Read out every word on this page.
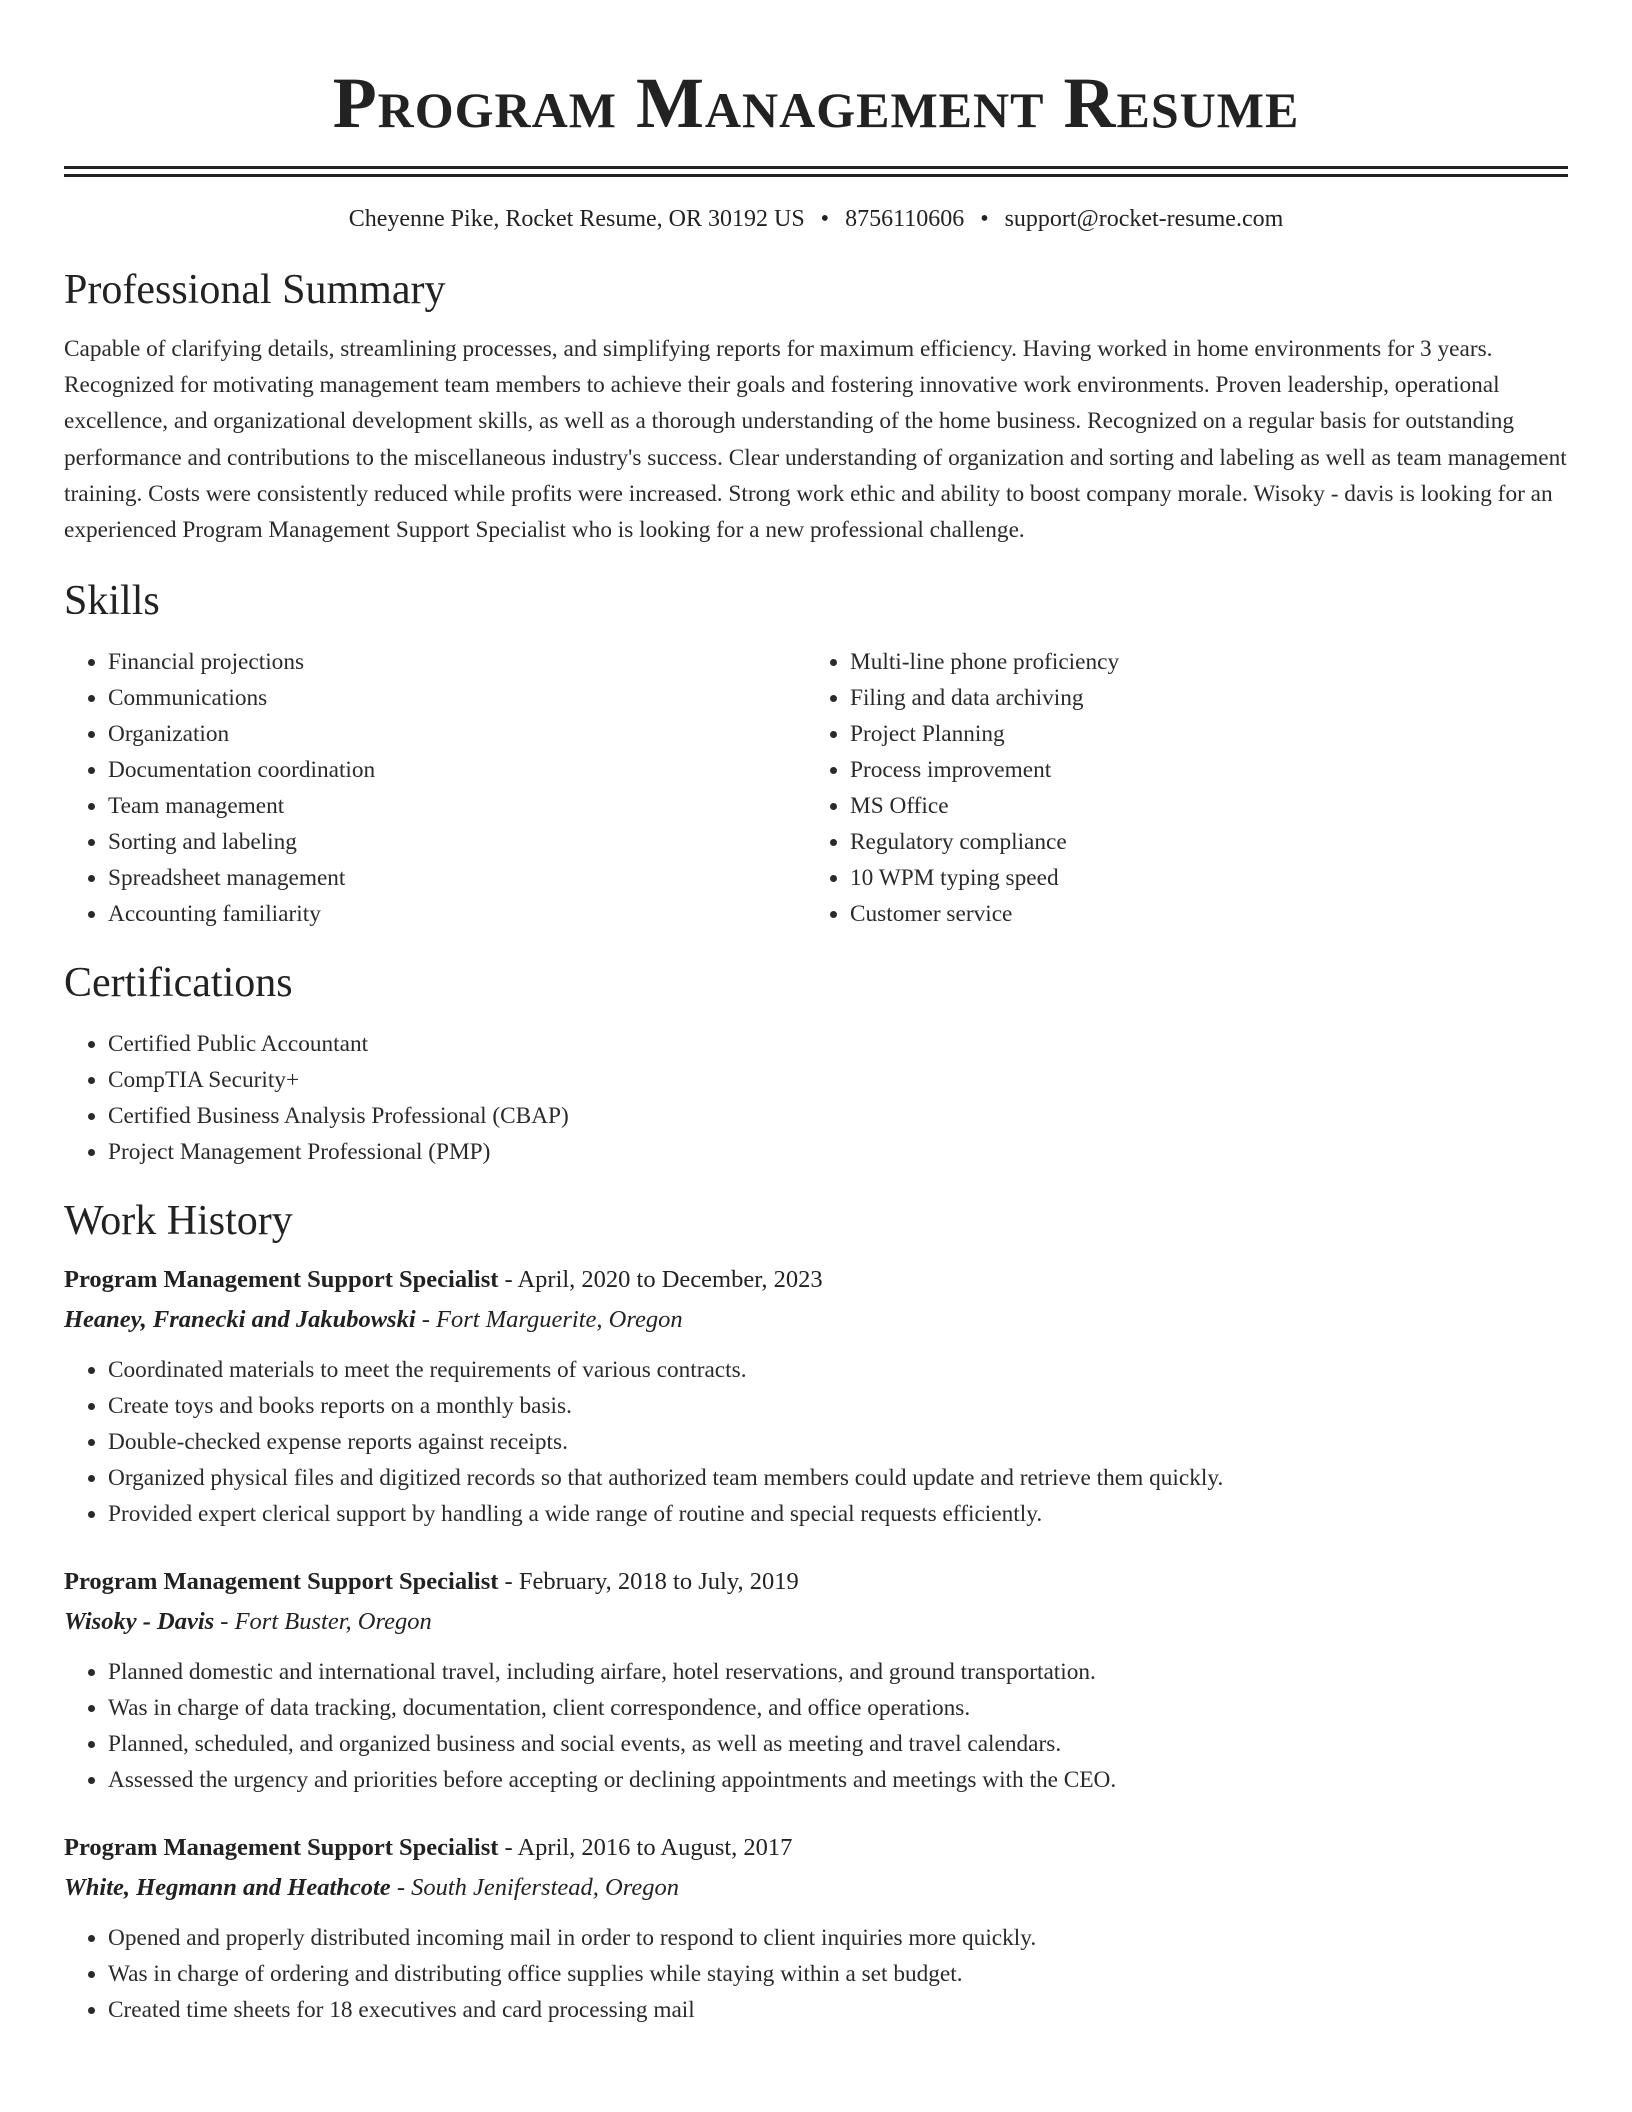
Program Management Resume
Cheyenne Pike, Rocket Resume, OR 30192 US • 8756110606 • support@rocket-resume.com
Professional Summary

Capable of clarifying details, streamlining processes, and simplifying reports for maximum efficiency. Having worked in home environments for 3 years. Recognized for motivating management team members to achieve their goals and fostering innovative work environments. Proven leadership, operational excellence, and organizational development skills, as well as a thorough understanding of the home business. Recognized on a regular basis for outstanding performance and contributions to the miscellaneous industry's success. Clear understanding of organization and sorting and labeling as well as team management training. Costs were consistently reduced while profits were increased. Strong work ethic and ability to boost company morale. Wisoky - davis is looking for an experienced Program Management Support Specialist who is looking for a new professional challenge.

Skills
• Financial projections
• Communications
• Organization
• Documentation coordination
• Team management
• Sorting and labeling
• Spreadsheet management
• Accounting familiarity
• Multi-line phone proficiency
• Filing and data archiving
• Project Planning
• Process improvement
• MS Office
• Regulatory compliance
• 10 WPM typing speed
• Customer service
Certifications
• Certified Public Accountant
• CompTIA Security+
• Certified Business Analysis Professional (CBAP)
• Project Management Professional (PMP)
Work History
Program Management Support Specialist - April, 2020 to December, 2023
Heaney, Franecki and Jakubowski - Fort Marguerite, Oregon
• Coordinated materials to meet the requirements of various contracts.
• Create toys and books reports on a monthly basis.
• Double-checked expense reports against receipts.
• Organized physical files and digitized records so that authorized team members could update and retrieve them quickly.
• Provided expert clerical support by handling a wide range of routine and special requests efficiently.
Program Management Support Specialist - February, 2018 to July, 2019
Wisoky - Davis - Fort Buster, Oregon
• Planned domestic and international travel, including airfare, hotel reservations, and ground transportation.
• Was in charge of data tracking, documentation, client correspondence, and office operations.
• Planned, scheduled, and organized business and social events, as well as meeting and travel calendars.
• Assessed the urgency and priorities before accepting or declining appointments and meetings with the CEO.
Program Management Support Specialist - April, 2016 to August, 2017
White, Hegmann and Heathcote - South Jeniferstead, Oregon
• Opened and properly distributed incoming mail in order to respond to client inquiries more quickly.
• Was in charge of ordering and distributing office supplies while staying within a set budget.
• Created time sheets for 18 executives and card processing mail
